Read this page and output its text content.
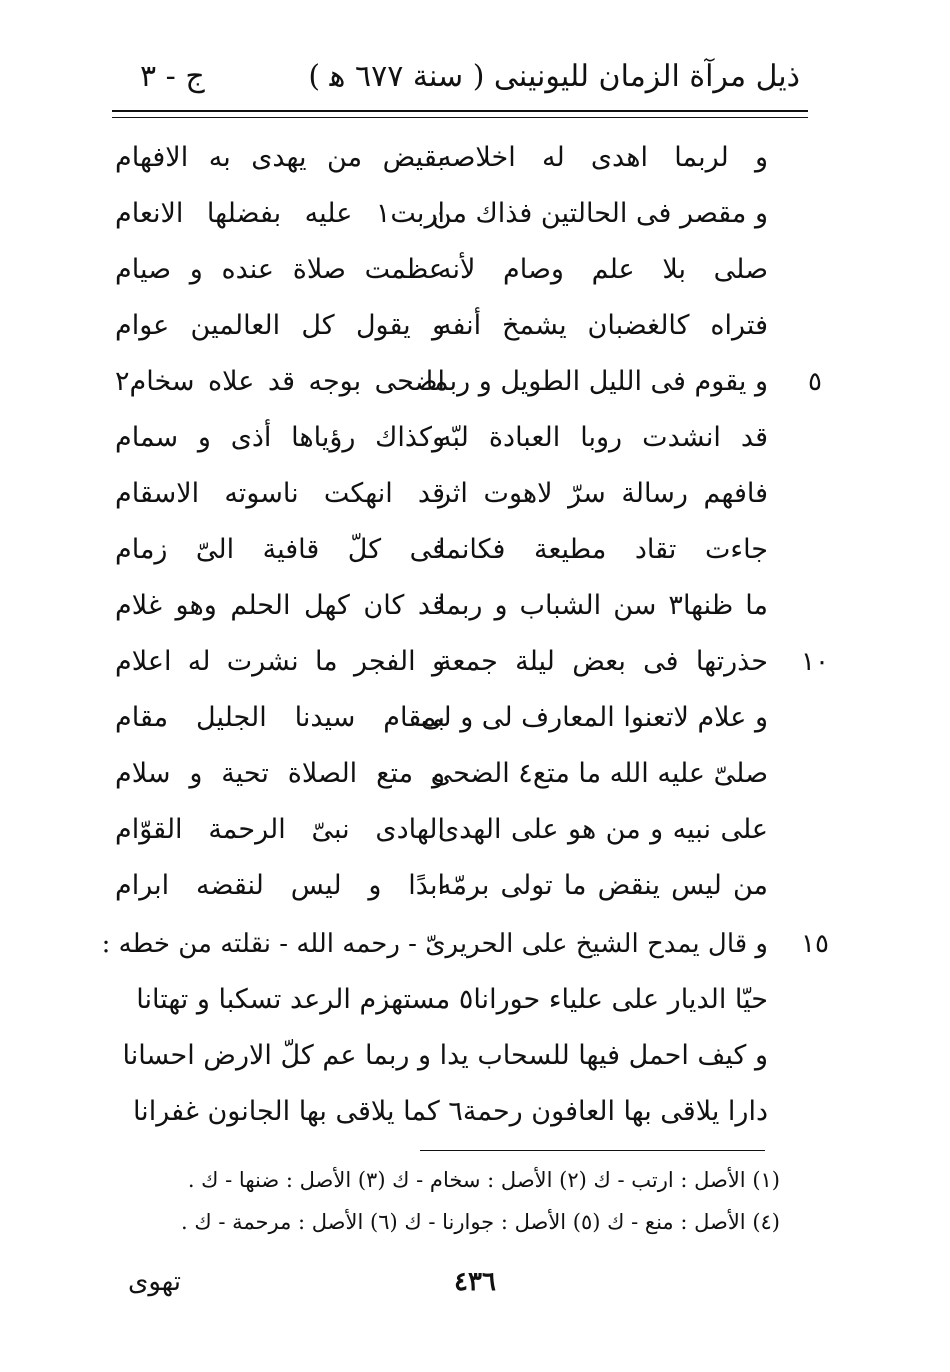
ذيل مرآة الزمان لليونينى ( سنة ٦٧٧ ﻫ )
ج - ٣
و لربما اهدى له اخلاصه
بقيض من يهدى به الافهام
و مقصر فى الحالتين فذاك من
اربت١ عليه بفضلها الانعام
صلى بلا علم وصام لأنه
عظمت صلاة عنده و صيام
فتراه كالغضبان يشمخ أنفه
و يقول كل العالمين عوام
و يقوم فى الليل الطويل و ربما
اضحى بوجه قد علاه سخام٢	٥
قد انشدت روﺑﺎ العبادة لبّه
وكذاك رؤياها أذى و سمام
فافهم رسالة سرّ لاهوت اثر
قد انهكت ناسوته الاسقام
جاءت تقاد مطيعة فكانما
فى كلّ قافية الىّ زمام
ما ظنها٣ سن الشباب و ربما
قد كان كهل الحلم وهو غلام
حذرتها فى بعض ليلة جمعة
و الفجر ما نشرت له اعلام	١٠
و علام لاتعنوا المعارف لى و لى
بمقام سيدنا الجليل مقام
صلىّ عليه الله ما متع٤ الضحى
و متع الصلاة تحية و سلام
على نبيه و من هو على الهدى
الهادى نبىّ الرحمة القوّام
من ليس ينقض ما تولى برمّه
ابدًا و ليس لنقضه ابرام
و قال يمدح الشيخ على الحريرىّ - رحمه الله - نقلته من خطه : ١٥
حيّا الديار على علياء حورانا٥ مستهزم الرعد تسكبا و تهتانا
و كيف احمل فيها للسحاب يدا و ربما عم كلّ الارض احسانا
دارا يلاقى بها العافون رحمة٦ كما يلاقى بها الجانون غفرانا
(١) الأصل : ارتب - ك (٢) الأصل : سخام - ك (٣) الأصل : ضنها - ك .
(٤) الأصل : منع - ك (٥) الأصل : جوارنا - ك (٦) الأصل : مرحمة - ك .
٤٣٦
تهوى
